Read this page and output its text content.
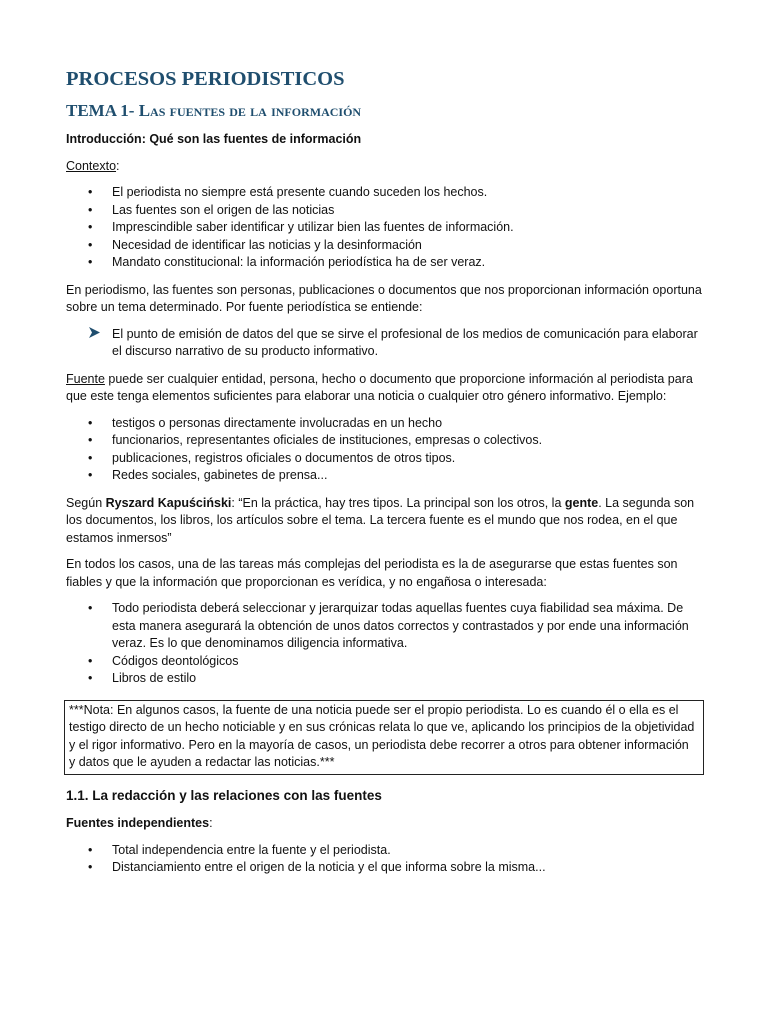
PROCESOS PERIODISTICOS
TEMA 1- Las fuentes de la información

Introducción: Qué son las fuentes de información

Contexto:

• El periodista no siempre está presente cuando suceden los hechos.
• Las fuentes son el origen de las noticias
• Imprescindible saber identificar y utilizar bien las fuentes de información.
• Necesidad de identificar las noticias y la desinformación
• Mandato constitucional: la información periodística ha de ser veraz.

En periodismo, las fuentes son personas, publicaciones o documentos que nos proporcionan información oportuna sobre un tema determinado. Por fuente periodística se entiende:

El punto de emisión de datos del que se sirve el profesional de los medios de comunicación para elaborar el discurso narrativo de su producto informativo.

Fuente puede ser cualquier entidad, persona, hecho o documento que proporcione información al periodista para que este tenga elementos suficientes para elaborar una noticia o cualquier otro género informativo. Ejemplo:

• testigos o personas directamente involucradas en un hecho
• funcionarios, representantes oficiales de instituciones, empresas o colectivos.
• publicaciones, registros oficiales o documentos de otros tipos.
• Redes sociales, gabinetes de prensa...

Según Ryszard Kapuściński: “En la práctica, hay tres tipos. La principal son los otros, la gente. La segunda son los documentos, los libros, los artículos sobre el tema. La tercera fuente es el mundo que nos rodea, en el que estamos inmersos”

En todos los casos, una de las tareas más complejas del periodista es la de asegurarse que estas fuentes son fiables y que la información que proporcionan es verídica, y no engañosa o interesada:

• Todo periodista deberá seleccionar y jerarquizar todas aquellas fuentes cuya fiabilidad sea máxima. De esta manera asegurará la obtención de unos datos correctos y contrastados y por ende una información veraz. Es lo que denominamos diligencia informativa.
• Códigos deontológicos
• Libros de estilo
***Nota: En algunos casos, la fuente de una noticia puede ser el propio periodista. Lo es cuando él o ella es el testigo directo de un hecho noticiable y en sus crónicas relata lo que ve, aplicando los principios de la objetividad y el rigor informativo. Pero en la mayoría de casos, un periodista debe recorrer a otros para obtener información y datos que le ayuden a redactar las noticias.***

1.1. La redacción y las relaciones con las fuentes

Fuentes independientes:

• Total independencia entre la fuente y el periodista.
• Distanciamiento entre el origen de la noticia y el que informa sobre la misma...
